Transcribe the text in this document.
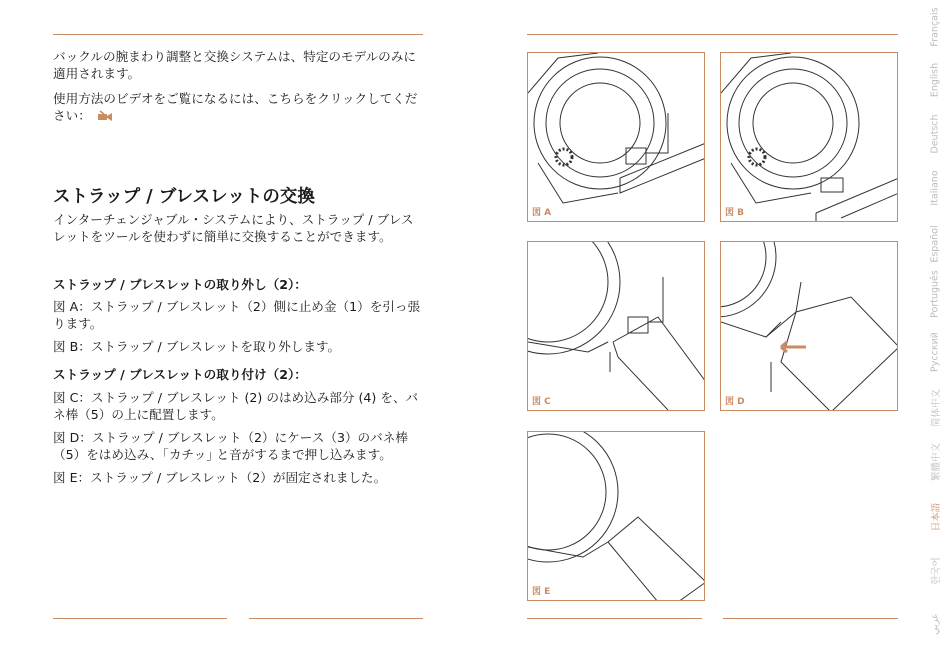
バックルの腕まわり調整と交換システムは、特定のモデルのみに適用されます。

使用方法のビデオをご覧になるには、こちらをクリックしてください：

ストラップ / ブレスレットの交換

インターチェンジャブル・システムにより、ストラップ / ブレスレットをツールを使わずに簡単に交換することができます。

ストラップ / ブレスレットの取り外し（2）：

図 A：ストラップ / ブレスレット（2）側に止め金（1）を引っ張ります。

図 B：ストラップ / ブレスレットを取り外します。

ストラップ / ブレスレットの取り付け（2）：

図 C：ストラップ / ブレスレット (2) のはめ込み部分 (4) を、バネ棒（5）の上に配置します。

図 D：ストラップ / ブレスレット（2）にケース（3）のバネ棒（5）をはめ込み、｢カチッ｣ と音がするまで押し込みます。

図 E：ストラップ / ブレスレット（2）が固定されました。

図 A	図 B
図 C	図 D
図 E
Français
English
Deutsch
Italiano
Español
Português
Русский
简体中文
繁體中文
日本語
한국어
عربي
